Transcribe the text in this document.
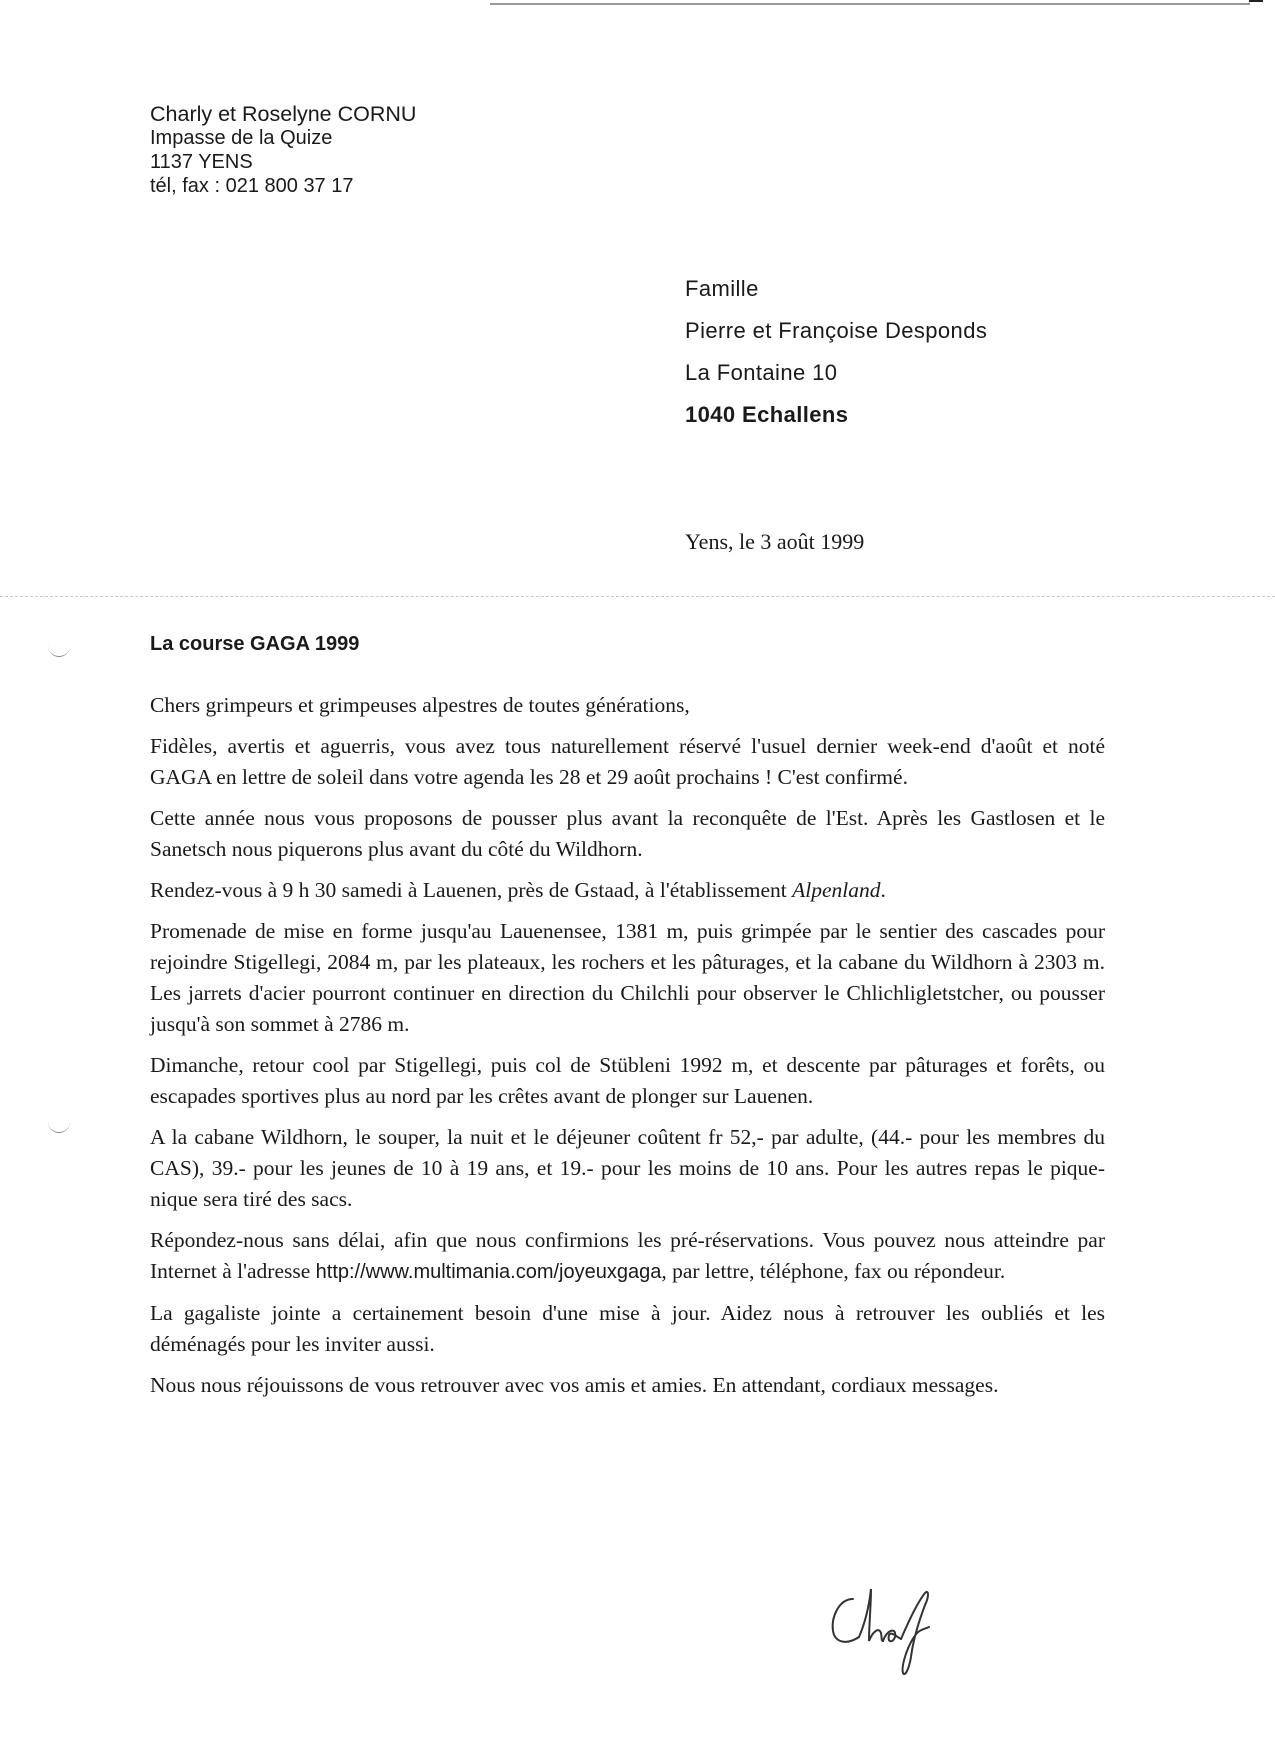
Charly et Roselyne CORNU
Impasse de la Quize
1137 YENS
tél, fax : 021 800 37 17
Famille
Pierre et Françoise Desponds
La Fontaine 10
1040 Echallens
Yens, le 3 août 1999
La course GAGA 1999

Chers grimpeurs et grimpeuses alpestres de toutes générations,

Fidèles, avertis et aguerris, vous avez tous naturellement réservé l'usuel dernier week-end d'août et noté GAGA en lettre de soleil dans votre agenda les 28 et 29 août prochains ! C'est confirmé.

Cette année nous vous proposons de pousser plus avant la reconquête de l'Est. Après les Gastlosen et le Sanetsch nous piquerons plus avant du côté du Wildhorn.

Rendez-vous à 9 h 30 samedi à Lauenen, près de Gstaad, à l'établissement Alpenland.

Promenade de mise en forme jusqu'au Lauenensee, 1381 m, puis grimpée par le sentier des cascades pour rejoindre Stigellegi, 2084 m, par les plateaux, les rochers et les pâturages, et la cabane du Wildhorn à 2303 m. Les jarrets d'acier pourront continuer en direction du Chilchli pour observer le Chlichligletstcher, ou pousser jusqu'à son sommet à 2786 m.

Dimanche, retour cool par Stigellegi, puis col de Stübleni 1992 m, et descente par pâturages et forêts, ou escapades sportives plus au nord par les crêtes avant de plonger sur Lauenen.

A la cabane Wildhorn, le souper, la nuit et le déjeuner coûtent fr 52,- par adulte, (44.- pour les membres du CAS), 39.- pour les jeunes de 10 à 19 ans, et 19.- pour les moins de 10 ans. Pour les autres repas le pique-nique sera tiré des sacs.

Répondez-nous sans délai, afin que nous confirmions les pré-réservations. Vous pouvez nous atteindre par Internet à l'adresse http://www.multimania.com/joyeuxgaga, par lettre, téléphone, fax ou répondeur.

La gagaliste jointe a certainement besoin d'une mise à jour. Aidez nous à retrouver les oubliés et les déménagés pour les inviter aussi.

Nous nous réjouissons de vous retrouver avec vos amis et amies. En attendant, cordiaux messages.
